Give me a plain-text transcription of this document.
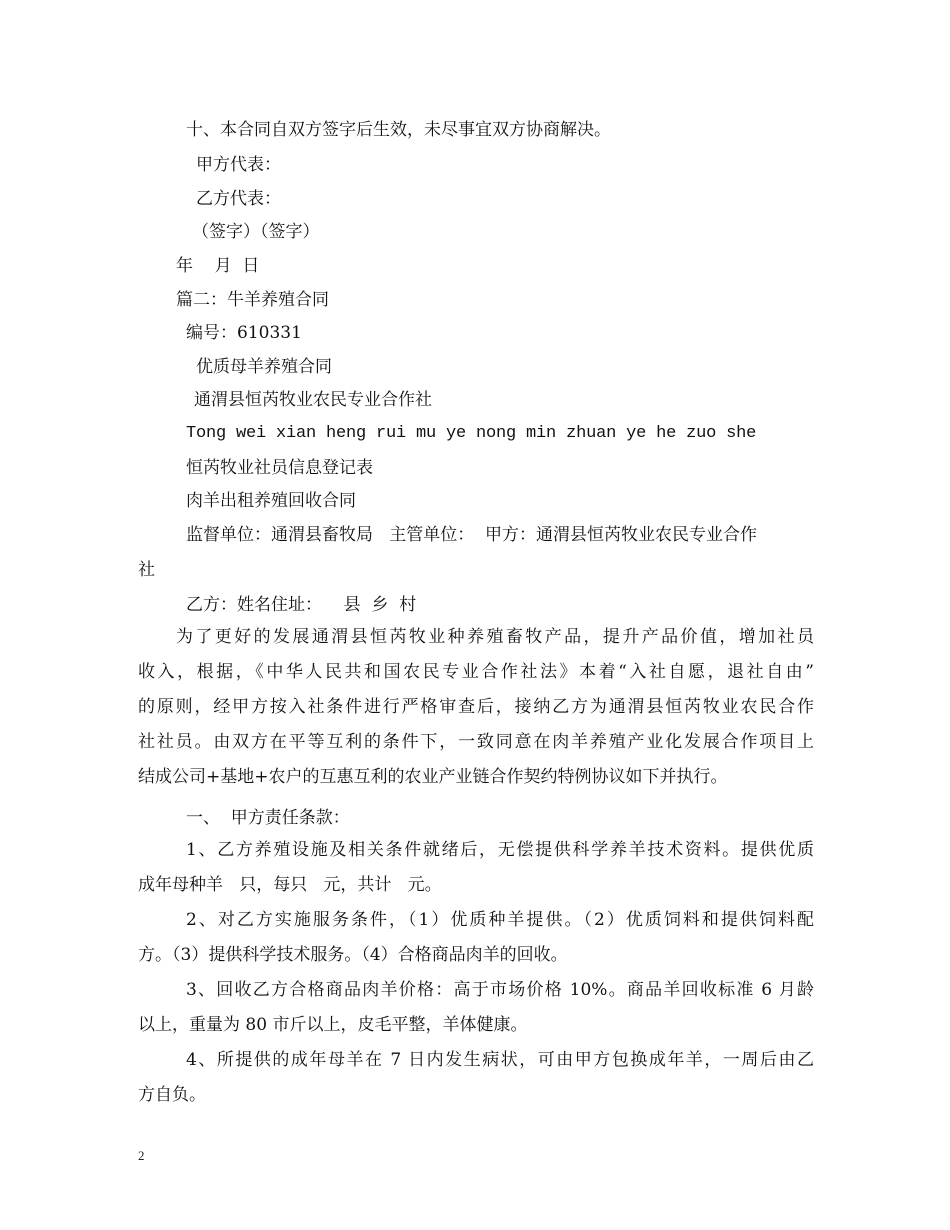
十、本合同自双方签字后生效，未尽事宜双方协商解决。
甲方代表：
乙方代表：
（签字）（签字）
年    月  日
篇二：牛羊养殖合同
编号：610331
优质母羊养殖合同
通渭县恒芮牧业农民专业合作社
Tong wei xian heng rui mu ye nong min zhuan ye he zuo she
恒芮牧业社员信息登记表
肉羊出租养殖回收合同
监督单位：通渭县畜牧局   主管单位：  甲方：通渭县恒芮牧业农民专业合作
社
乙方：姓名住址：    县  乡  村
为了更好的发展通渭县恒芮牧业种养殖畜牧产品，提升产品价值，增加社员
收入，根据，《中华人民共和国农民专业合作社法》本着“入社自愿，退社自由”
的原则，经甲方按入社条件进行严格审查后，接纳乙方为通渭县恒芮牧业农民合作
社社员。由双方在平等互利的条件下，一致同意在肉羊养殖产业化发展合作项目上
结成公司+基地+农户的互惠互利的农业产业链合作契约特例协议如下并执行。
一、  甲方责任条款：
1、乙方养殖设施及相关条件就绪后，无偿提供科学养羊技术资料。提供优质
成年母种羊   只，每只   元，共计   元。
2、对乙方实施服务条件，（1）优质种羊提供。（2）优质饲料和提供饲料配
方。（3）提供科学技术服务。（4）合格商品肉羊的回收。
3、回收乙方合格商品肉羊价格：高于市场价格 10%。商品羊回收标准 6 月龄
以上，重量为 80 市斤以上，皮毛平整，羊体健康。
4、所提供的成年母羊在 7 日内发生病状，可由甲方包换成年羊，一周后由乙
方自负。
2
